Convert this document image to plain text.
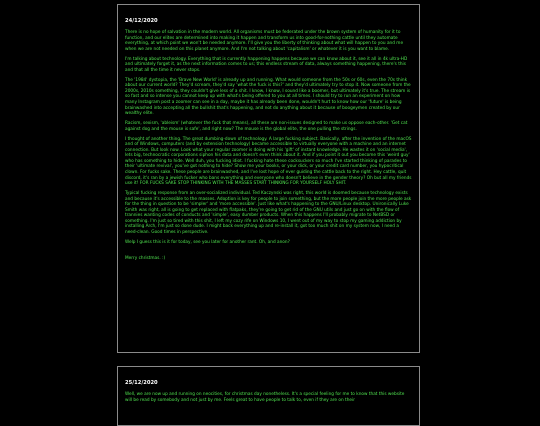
24/12/2020

There is no hope of salvation in the modern world. All organisms must be federated under the brown system of humanity for it to function, and our elites are determined into making it happen and transform us into good-for-nothing cattle until they automate everything, at which point we won't be needed anymore. I'll give you the liberty of thinking about what will happen to you and me when we are not needed on this planet anymore. And I'm not talking about 'capitalism' or whatever it is you want to blame.

I'm talking about technology. Everything that is currently happening happens because we can know about it, see it all in 4k ultra-HD and ultimately forget it, as the next information comes to us; this endless stream of data, always something happening, there's this and that all the time it never stops.

The '1984' dystopia, the 'Brave New World' is already up and running. What would someone from the 50s or 60s, even the 70s think about our current world? They'd scream, they'd say 'what the fuck is this?' and they'd ultimately try to stop it. Now someone from the 2000s, 2010s something, they couldn't give less of a shit. I know, I know, I sound like a boomer, but ultimately it's true. The stream is so fast and so intense you cannot keep up with what's being offered to you at all times. I should try to run an experiment on how many Instagram post a zoomer can see in a day, maybe it has already been done, wouldn't hurt to know how our 'future' is being brainwashed into accepting all the bullshit that's happening, and not do anything about it because of boogeymen created by our wealthy elite.

Racism, sexism, 'ableism' (whatever the fuck that means), all these are non-issues designed to make us oppose each-other. 'Get cat against dog and the mouse is safe', and right now? The mouse is the global elite, the one pulling the strings.

I thought of another thing. The great dumbing-down of technology. A large fucking subject. Basically, after the invention of the macOS and of Windows, computers (and by extension technology) became accessible to virtually everyone with a machine and an internet connection. But look now. Look what your regular zoomer is doing with his 'gift' of instant knowledge. He wastes it on 'social media', lets big, technocratic corporations siphon his data and doesn't even think about it. And if you point it out you become this 'weird guy' who has something to hide. Well duh, you fucking idiot. I fucking hate these cocksuckers so much I've started thinking of parades to their 'ultimate revival', you've got nothing to hide? Show me your books, or your dick, or your credit card number, you hypocritical clown. For fucks sake. These people are brainwashed, and I've lost hope of ever guiding the cattle back to the right. Hey cattle, quit discord, it's ran by a jewish fucker who bans everything and everyone who doesn't believe in the gender theory? Oh but all my friends use it! FOR FUCKS SAKE STOP THINKING WITH THE MASSES START THINKING FOR YOURSELF HOLY SHIT.

Typical fucking response from an over-socialized individual. Ted Kaczynski was right, this world is doomed because technology exists and because it's accessible to the masses. Adoption is key for people to join something, but the more people join the more people ask for the thing in question to be 'simpler' and 'more accessible'. Just like what's happening to the GNU/Linux desktop. Unironically Luke Smith was right, all is going to get replaced with flatpaks, they're going to get rid of the GNU utils and just go on with the flow of trannies wanting codes of conducts and 'simple', easy dumber products. When this happens I'll probably migrate to NetBSD or something. I'm just so tired with this shit, I left my cozy rife on Windows 10, I went out of my way to stop my gaming addiction by installing Arch, I'm just so done dude. I might back everything up and re-install it, got too much shit on my system now, I need a need-clean. Good times in perspective.

Welp I guess this is it for today, see you later for another rant. Oh, and anon?

Merry christmas. :)

25/12/2020

Well, we are now up and running on neocities, for christmas day nonetheless. It's a special feeling for me to know that this website will be read by somebody and not just by me. Feels great to have people to talk to, even if they are on their
